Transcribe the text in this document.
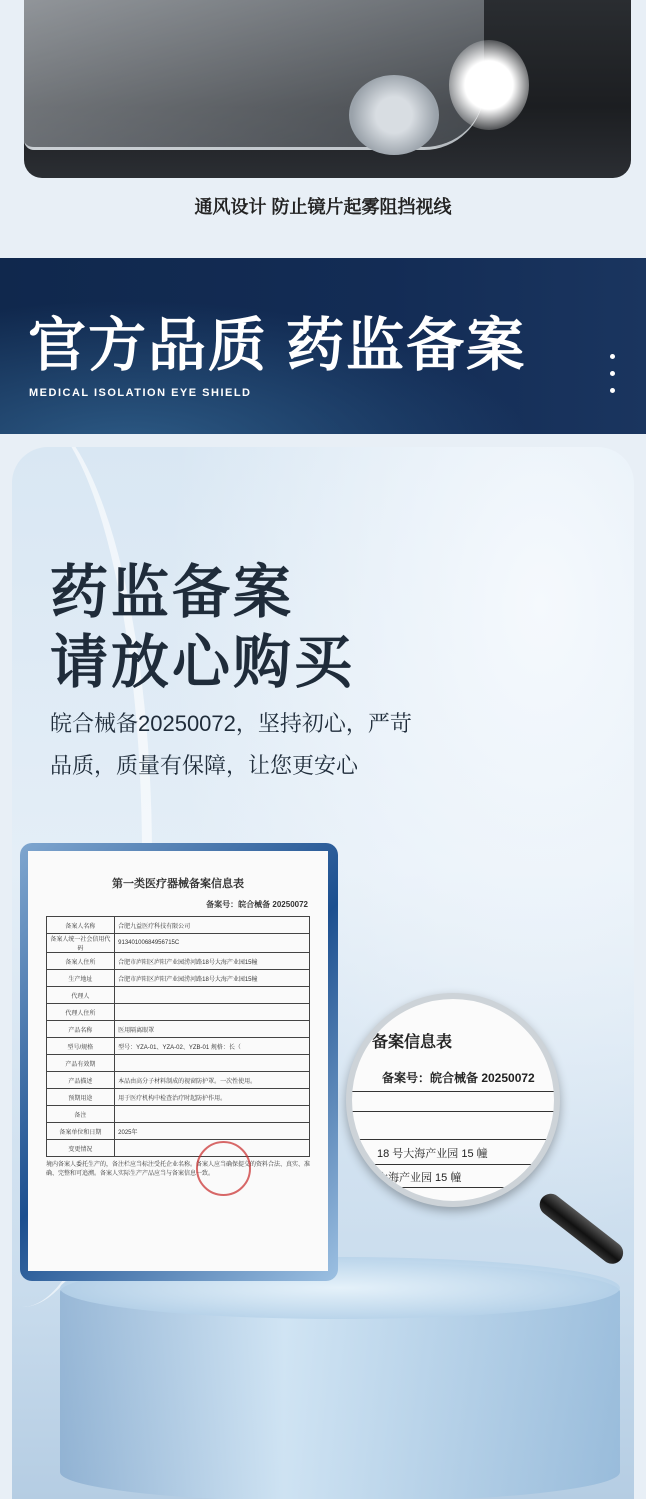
通风设计 防止镜片起雾阻挡视线
官方品质 药监备案
MEDICAL ISOLATION EYE SHIELD
药监备案
请放心购买
皖合械备20250072，坚持初心，严苛
品质，质量有保障，让您更安心
第一类医疗器械备案信息表
备案号：皖合械备 20250072
备案人名称	合肥九益医疗科技有限公司
备案人统一社会信用代码	91340100684956715C
备案人住所	合肥市庐阳区庐阳产业园涝河路18号大海产业园15幢
生产地址	合肥市庐阳区庐阳产业园涝河路18号大海产业园15幢
代理人	
代理人住所	
产品名称	医用隔离眼罩
型号/规格	型号：YZA-01、YZA-02、YZB-01 规格：长（
产品有效期	
产品描述	本品由高分子材料制成的视窗防护罩。一次性使用。
预期用途	用于医疗机构中检查治疗时起防护作用。
备注	
备案单位和日期	2025年
变更情况	
境内备案人委托生产的，备注栏应当标注受托企业名称。备案人应当确保提交的资料合法、真实、准确、完整和可追溯。备案人实际生产产品应当与备案信息一致。
备案信息表
备案号：皖合械备 20250072
18 号大海产业园 15 幢
大海产业园 15 幢
